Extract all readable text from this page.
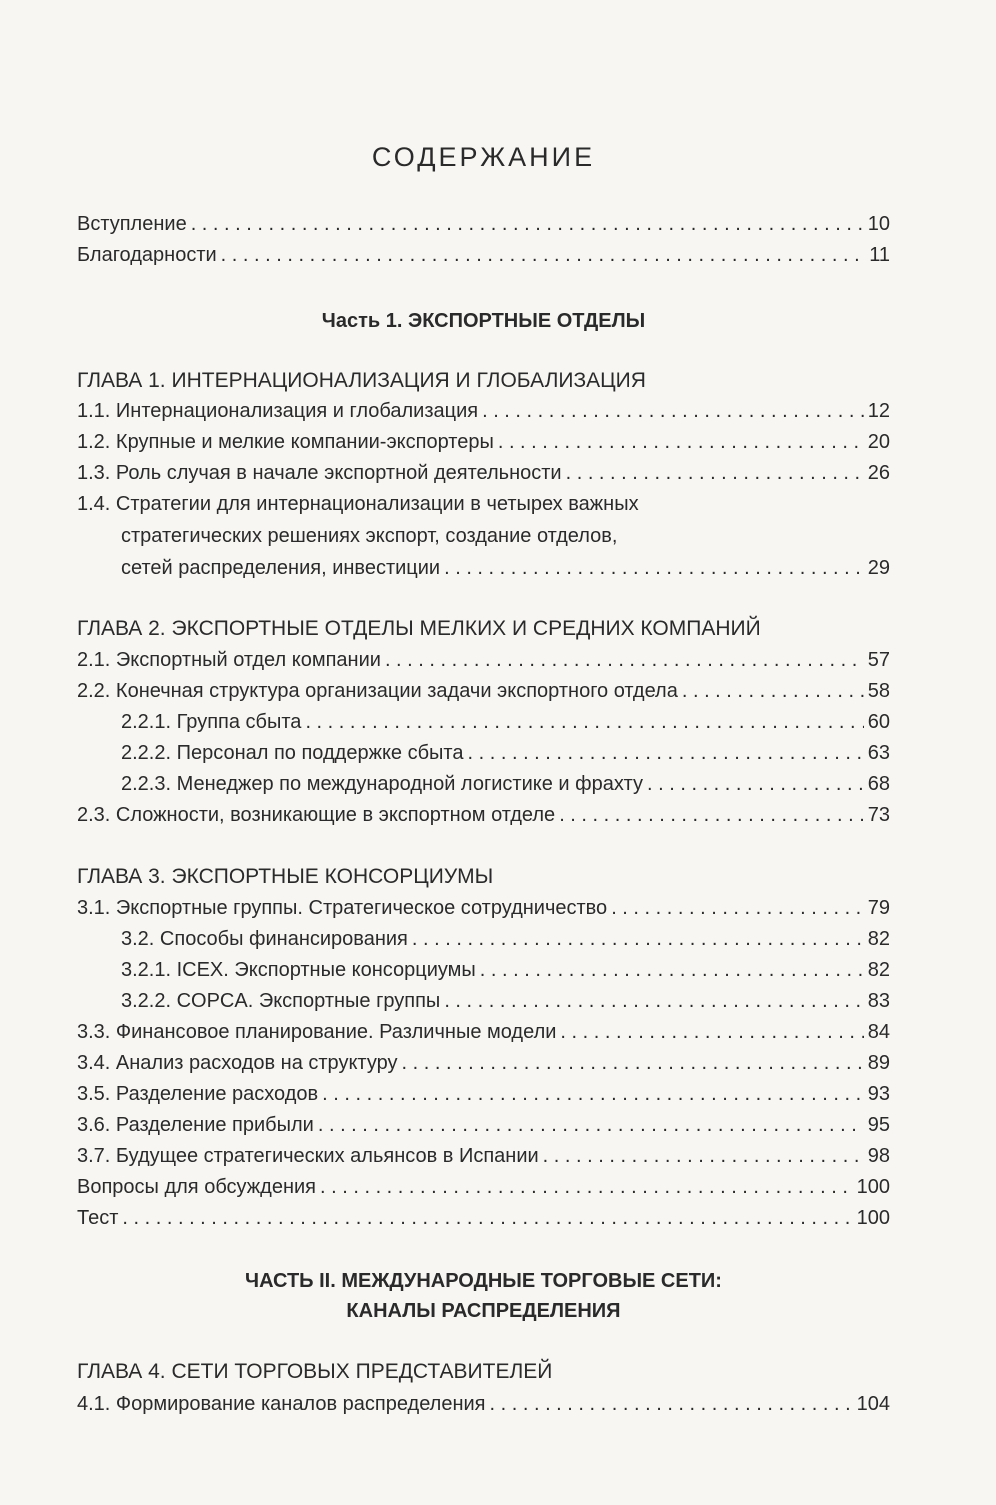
СОДЕРЖАНИЕ
Вступление . . .	10
Благодарности . . .	11
Часть 1. ЭКСПОРТНЫЕ ОТДЕЛЫ
ГЛАВА 1. ИНТЕРНАЦИОНАЛИЗАЦИЯ И ГЛОБАЛИЗАЦИЯ
1.1. Интернационализация и глобализация . . .	12
1.2. Крупные и мелкие компании-экспортеры . . .	20
1.3. Роль случая в начале экспортной деятельности . . .	26
1.4. Стратегии для интернационализации в четырех важных
стратегических решениях экспорт, создание отделов,
сетей распределения, инвестиции . . .	29
ГЛАВА 2. ЭКСПОРТНЫЕ ОТДЕЛЫ МЕЛКИХ И СРЕДНИХ КОМПАНИЙ
2.1. Экспортный отдел компании . . .	57
2.2. Конечная структура организации задачи экспортного отдела . . .	58
2.2.1. Группа сбыта . . .	60
2.2.2. Персонал по поддержке сбыта . . .	63
2.2.3. Менеджер по международной логистике и фрахту . . .	68
2.3. Сложности, возникающие в экспортном отделе . . .	73
ГЛАВА 3. ЭКСПОРТНЫЕ КОНСОРЦИУМЫ
3.1. Экспортные группы. Стратегическое сотрудничество . . .	79
3.2. Способы финансирования . . .	82
3.2.1. ICEX. Экспортные консорциумы . . .	82
3.2.2. COPCA. Экспортные группы . . .	83
3.3. Финансовое планирование. Различные модели . . .	84
3.4. Анализ расходов на структуру . . .	89
3.5. Разделение расходов . . .	93
3.6. Разделение прибыли . . .	95
3.7. Будущее стратегических альянсов в Испании . . .	98
Вопросы для обсуждения . . .	100
Тест . . .	100
ЧАСТЬ II. МЕЖДУНАРОДНЫЕ ТОРГОВЫЕ СЕТИ:
КАНАЛЫ РАСПРЕДЕЛЕНИЯ
ГЛАВА 4. СЕТИ ТОРГОВЫХ ПРЕДСТАВИТЕЛЕЙ
4.1. Формирование каналов распределения . . .	104
